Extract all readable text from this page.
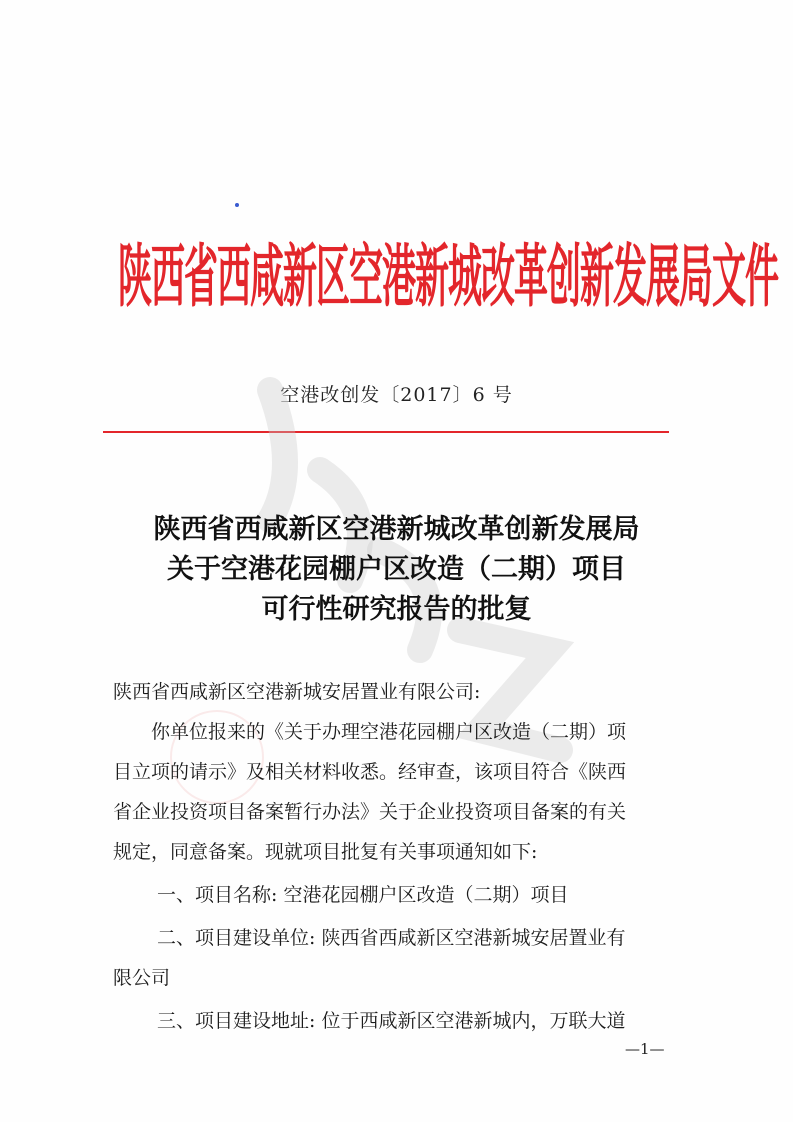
陕西省西咸新区空港新城改革创新发展局文件
空港改创发〔2017〕6 号
陕西省西咸新区空港新城改革创新发展局
关于空港花园棚户区改造（二期）项目
可行性研究报告的批复
陕西省西咸新区空港新城安居置业有限公司:
你单位报来的《关于办理空港花园棚户区改造（二期）项
目立项的请示》及相关材料收悉。经审查，该项目符合《陕西
省企业投资项目备案暂行办法》关于企业投资项目备案的有关
规定，同意备案。现就项目批复有关事项通知如下:
一、项目名称: 空港花园棚户区改造（二期）项目
二、项目建设单位: 陕西省西咸新区空港新城安居置业有
限公司
三、项目建设地址: 位于西咸新区空港新城内，万联大道
—1—
